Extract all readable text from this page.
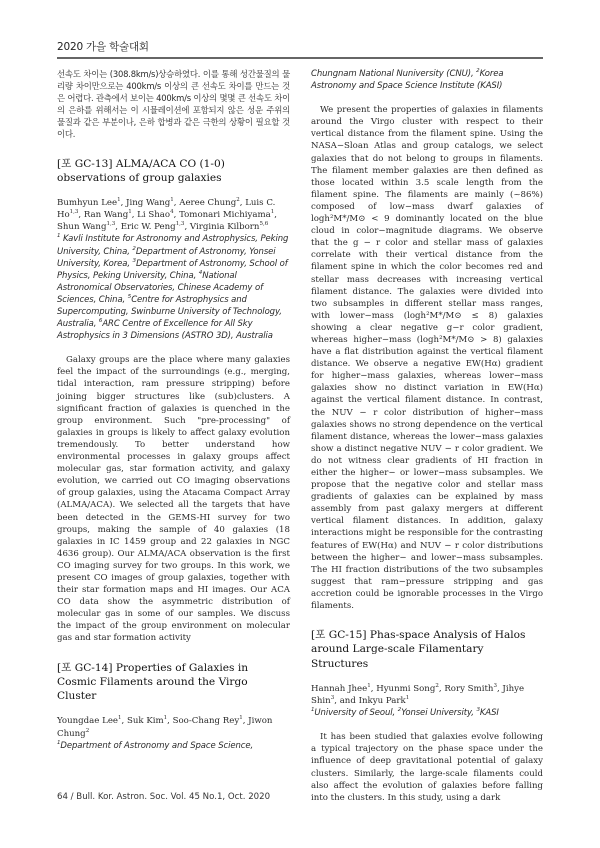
2020 가을 학술대회

선속도 차이는 (308.8km/s)상승하였다. 이를 통해 성간물질의 물리량 차이만으로는 400km/s 이상의 큰 선속도 차이를 만드는 것은 어렵다. 관측에서 보이는 400km/s 이상의 몇몇 큰 선속도 차이의 은하를 위해서는 이 시뮬레이션에 포함되지 않은 성운 주위의 물질과 같은 부분이나, 은하 합병과 같은 극한의 상황이 필요할 것이다.

[포 GC-13] ALMA/ACA CO (1-0) observations of group galaxies

Bumhyun Lee$^1$, Jing Wang$^1$, Aeree Chung$^2$, Luis C. Ho$^{1,3}$, Ran Wang$^1$, Li Shao$^4$, Tomonari Michiyama$^1$, Shun Wang$^{1,3}$, Eric W. Peng$^{1,3}$, Virginia Kilborn$^{5,6}$

$^1$ Kavli Institute for Astronomy and Astrophysics, Peking University, China, $^2$Department of Astronomy, Yonsei University, Korea, $^3$Department of Astronomy, School of Physics, Peking University, China, $^4$National Astronomical Observatories, Chinese Academy of Sciences, China, $^5$Centre for Astrophysics and Supercomputing, Swinburne University of Technology, Australia, $^6$ARC Centre of Excellence for All Sky Astrophysics in 3 Dimensions (ASTRO 3D), Australia

Galaxy groups are the place where many galaxies feel the impact of the surroundings (e.g., merging, tidal interaction, ram pressure stripping) before joining bigger structures like (sub)clusters. A significant fraction of galaxies is quenched in the group environment. Such "pre-processing" of galaxies in groups is likely to affect galaxy evolution tremendously. To better understand how environmental processes in galaxy groups affect molecular gas, star formation activity, and galaxy evolution, we carried out CO imaging observations of group galaxies, using the Atacama Compact Array (ALMA/ACA). We selected all the targets that have been detected in the GEMS-HI survey for two groups, making the sample of 40 galaxies (18 galaxies in IC 1459 group and 22 galaxies in NGC 4636 group). Our ALMA/ACA observation is the first CO imaging survey for two groups. In this work, we present CO images of group galaxies, together with their star formation maps and HI images. Our ACA CO data show the asymmetric distribution of molecular gas in some of our samples. We discuss the impact of the group environment on molecular gas and star formation activity

[포 GC-14] Properties of Galaxies in Cosmic Filaments around the Virgo Cluster

Youngdae Lee$^1$, Suk Kim$^1$, Soo-Chang Rey$^1$, Jiwon Chung$^2$

$^1$Department of Astronomy and Space Science,

Chungnam National Nuniversity (CNU), $^2$Korea Astronomy and Space Science Institute (KASI)

We present the properties of galaxies in filaments around the Virgo cluster with respect to their vertical distance from the filament spine. Using the NASA−Sloan Atlas and group catalogs, we select galaxies that do not belong to groups in filaments. The filament member galaxies are then defined as those located within 3.5 scale length from the filament spine. The filaments are mainly (~86%) composed of low−mass dwarf galaxies of logh²M*/M⊙ < 9 dominantly located on the blue cloud in color−magnitude diagrams. We observe that the g − r color and stellar mass of galaxies correlate with their vertical distance from the filament spine in which the color becomes red and stellar mass decreases with increasing vertical filament distance. The galaxies were divided into two subsamples in different stellar mass ranges, with lower−mass (logh²M*/M⊙ ≤ 8) galaxies showing a clear negative g−r color gradient, whereas higher−mass (logh²M*/M⊙ > 8) galaxies have a flat distribution against the vertical filament distance. We observe a negative EW(Hα) gradient for higher−mass galaxies, whereas lower−mass galaxies show no distinct variation in EW(Hα) against the vertical filament distance. In contrast, the NUV − r color distribution of higher−mass galaxies shows no strong dependence on the vertical filament distance, whereas the lower−mass galaxies show a distinct negative NUV − r color gradient. We do not witness clear gradients of HI fraction in either the higher− or lower−mass subsamples. We propose that the negative color and stellar mass gradients of galaxies can be explained by mass assembly from past galaxy mergers at different vertical filament distances. In addition, galaxy interactions might be responsible for the contrasting features of EW(Hα) and NUV − r color distributions between the higher− and lower−mass subsamples. The HI fraction distributions of the two subsamples suggest that ram−pressure stripping and gas accretion could be ignorable processes in the Virgo filaments.

[포 GC-15] Phas-space Analysis of Halos around Large-scale Filamentary Structures

Hannah Jhee$^1$, Hyunmi Song$^2$, Rory Smith$^3$, Jihye Shin$^3$, and Inkyu Park$^1$

$^1$University of Seoul, $^2$Yonsei University, $^3$KASI

It has been studied that galaxies evolve following a typical trajectory on the phase space under the influence of deep gravitational potential of galaxy clusters. Similarly, the large-scale filaments could also affect the evolution of galaxies before falling into the clusters. In this study, using a dark

64 / Bull. Kor. Astron. Soc. Vol. 45 No.1, Oct. 2020
